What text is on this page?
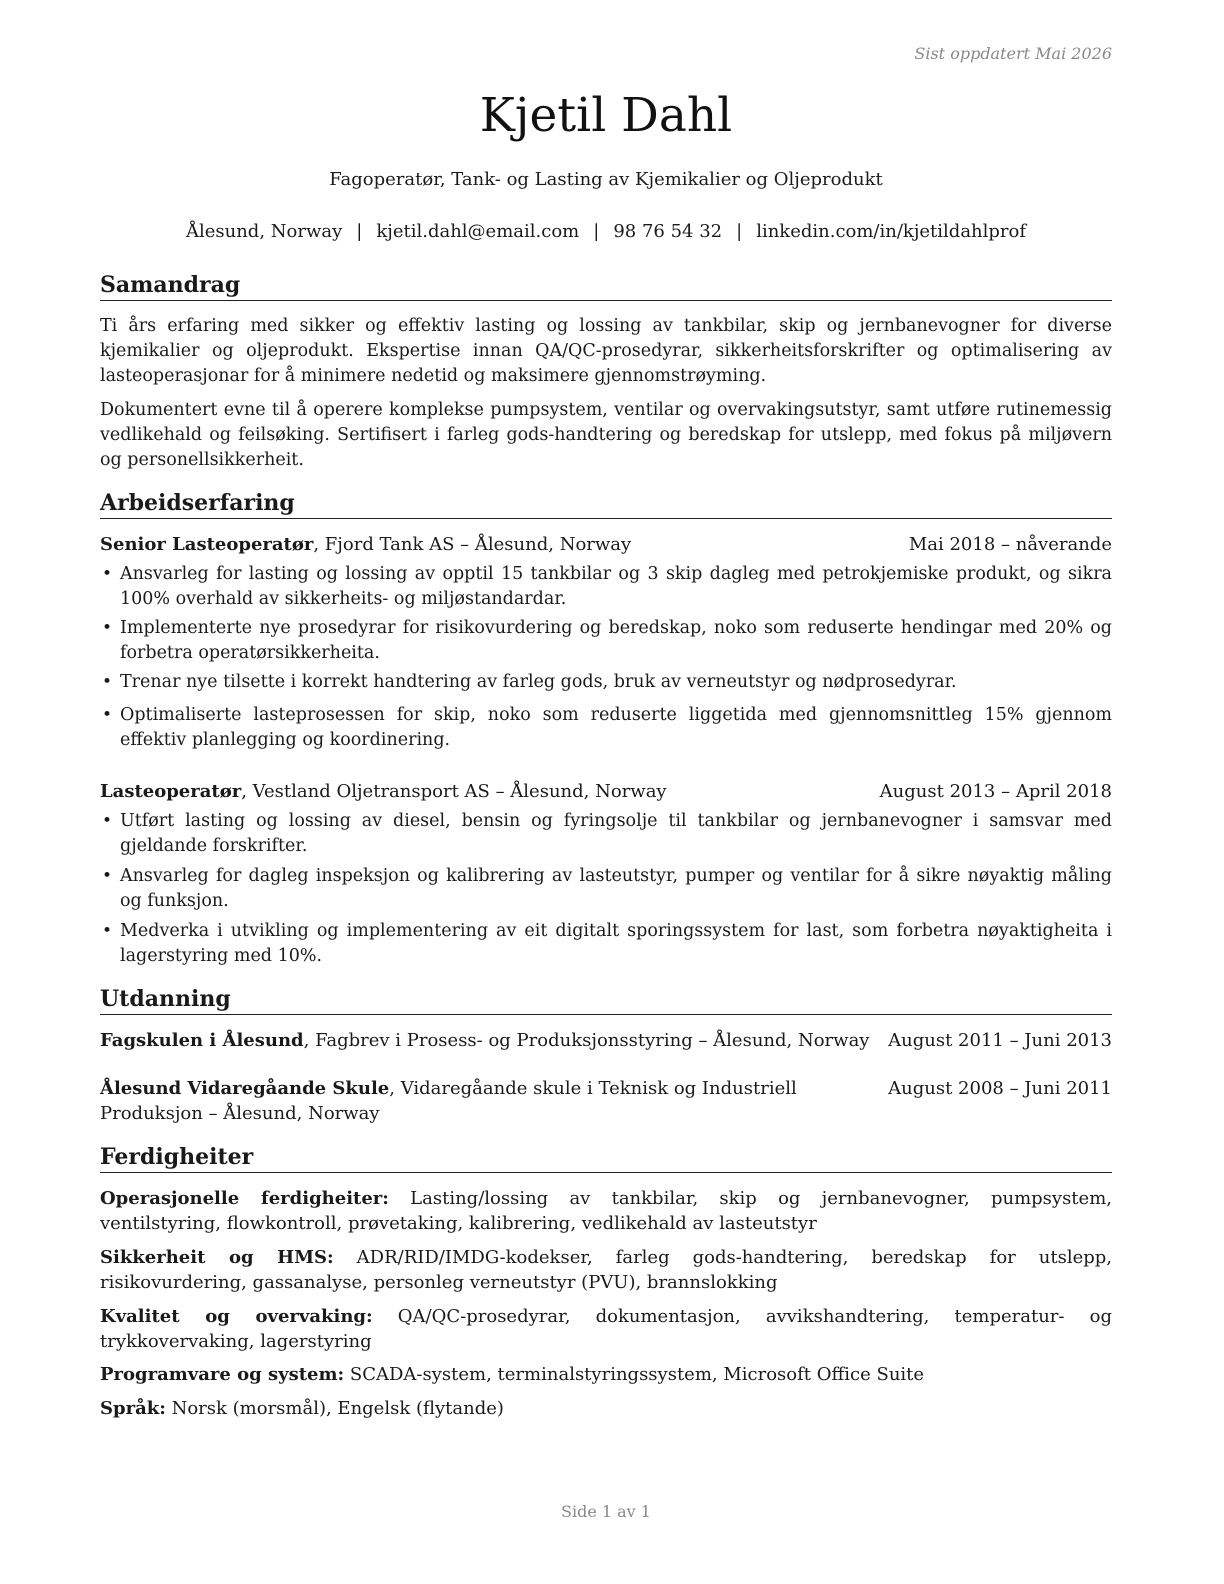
Sist oppdatert Mai 2026
Kjetil Dahl
Fagoperatør, Tank- og Lasting av Kjemikalier og Oljeprodukt
Ålesund, Norway | kjetil.dahl@email.com | 98 76 54 32 | linkedin.com/in/kjetildahlprof
Samandrag
Ti års erfaring med sikker og effektiv lasting og lossing av tankbilar, skip og jernbanevogner for diverse kjemikalier og oljeprodukt. Ekspertise innan QA/QC-prosedyrar, sikkerheitsforskrifter og optimalisering av lasteoperasjonar for å minimere nedetid og maksimere gjennomstrøyming.
Dokumentert evne til å operere komplekse pumpsystem, ventilar og overvakingsutstyr, samt utføre rutinemessig vedlikehald og feilsøking. Sertifisert i farleg gods-handtering og beredskap for utslepp, med fokus på miljøvern og personellsikkerheit.
Arbeidserfaring
Senior Lasteoperatør, Fjord Tank AS – Ålesund, Norway	Mai 2018 – nåverande
• Ansvarleg for lasting og lossing av opptil 15 tankbilar og 3 skip dagleg med petrokjemiske produkt, og sikra 100% overhald av sikkerheits- og miljøstandardar.
• Implementerte nye prosedyrar for risikovurdering og beredskap, noko som reduserte hendingar med 20% og forbetra operatørsikkerheita.
• Trenar nye tilsette i korrekt handtering av farleg gods, bruk av verneutstyr og nødprosedyrar.
• Optimaliserte lasteprosessen for skip, noko som reduserte liggetida med gjennomsnittleg 15% gjennom effektiv planlegging og koordinering.
Lasteoperatør, Vestland Oljetransport AS – Ålesund, Norway	August 2013 – April 2018
• Utført lasting og lossing av diesel, bensin og fyringsolje til tankbilar og jernbanevogner i samsvar med gjeldande forskrifter.
• Ansvarleg for dagleg inspeksjon og kalibrering av lasteutstyr, pumper og ventilar for å sikre nøyaktig måling og funksjon.
• Medverka i utvikling og implementering av eit digitalt sporingssystem for last, som forbetra nøyaktigheita i lagerstyring med 10%.
Utdanning
Fagskulen i Ålesund, Fagbrev i Prosess- og Produksjonsstyring – Ålesund, Norway	August 2011 – Juni 2013
Ålesund Vidaregåande Skule, Vidaregåande skule i Teknisk og Industriell Produksjon – Ålesund, Norway
August 2008 – Juni 2011
Ferdigheiter
Operasjonelle ferdigheiter: Lasting/lossing av tankbilar, skip og jernbanevogner, pumpsystem, ventilstyring, flowkontroll, prøvetaking, kalibrering, vedlikehald av lasteutstyr
Sikkerheit og HMS: ADR/RID/IMDG-kodekser, farleg gods-handtering, beredskap for utslepp, risikovurdering, gassanalyse, personleg verneutstyr (PVU), brannslokking
Kvalitet og overvaking: QA/QC-prosedyrar, dokumentasjon, avvikshandtering, temperatur- og trykkovervaking, lagerstyring
Programvare og system: SCADA-system, terminalstyringssystem, Microsoft Office Suite
Språk: Norsk (morsmål), Engelsk (flytande)
Side 1 av 1
